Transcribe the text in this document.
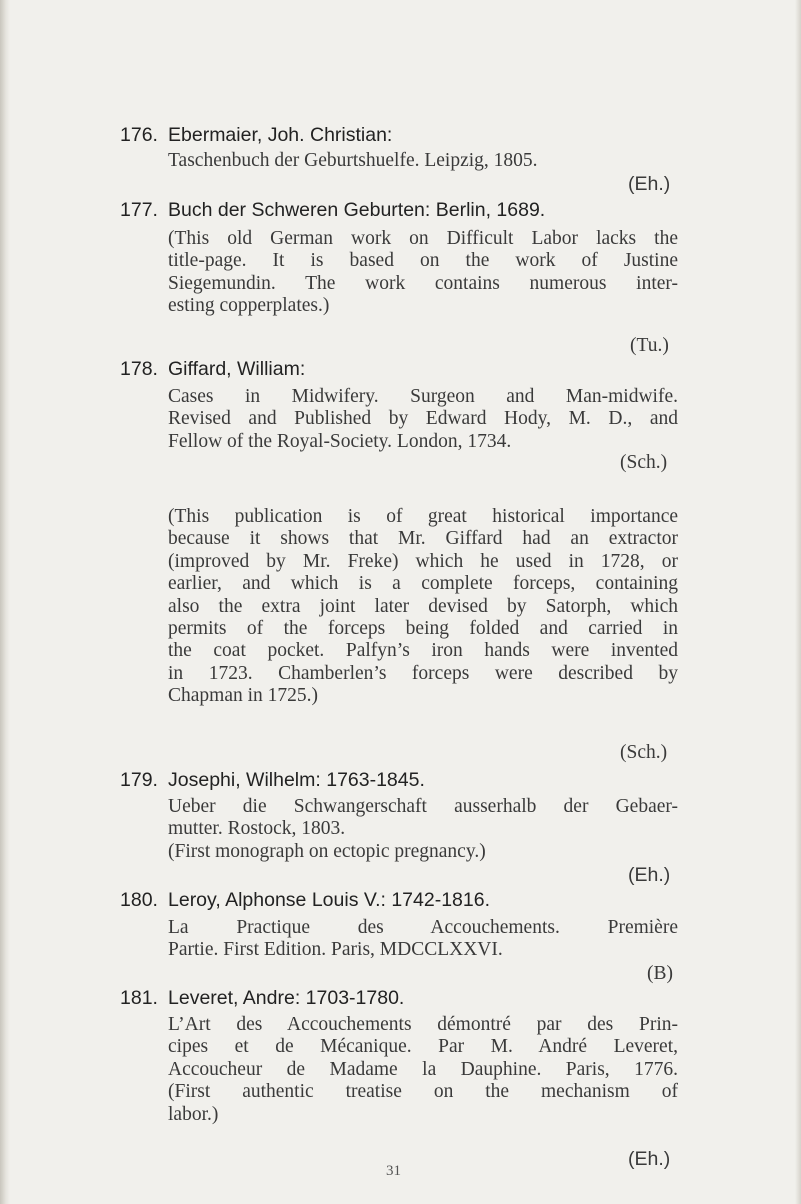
176. Ebermaier, Joh. Christian:
Taschenbuch der Geburtshuelfe. Leipzig, 1805.
(Eh.)
177. Buch der Schweren Geburten: Berlin, 1689.
(This old German work on Difficult Labor lacks the
title-page. It is based on the work of Justine
Siegemundin. The work contains numerous inter-
esting copperplates.)
(Tu.)
178. Giffard, William:
Cases in Midwifery. Surgeon and Man-midwife.
Revised and Published by Edward Hody, M. D., and
Fellow of the Royal-Society. London, 1734.
(Sch.)
(This publication is of great historical importance
because it shows that Mr. Giffard had an extractor
(improved by Mr. Freke) which he used in 1728, or
earlier, and which is a complete forceps, containing
also the extra joint later devised by Satorph, which
permits of the forceps being folded and carried in
the coat pocket. Palfyn’s iron hands were invented
in 1723. Chamberlen’s forceps were described by
Chapman in 1725.)
(Sch.)
179. Josephi, Wilhelm: 1763-1845.
Ueber die Schwangerschaft ausserhalb der Gebaer-
mutter. Rostock, 1803.
(First monograph on ectopic pregnancy.)
(Eh.)
180. Leroy, Alphonse Louis V.: 1742-1816.
La Practique des Accouchements. Première
Partie. First Edition. Paris, MDCCLXXVI.
(B)
181. Leveret, Andre: 1703-1780.
L’Art des Accouchements démontré par des Prin-
cipes et de Mécanique. Par M. André Leveret,
Accoucheur de Madame la Dauphine. Paris, 1776.
(First authentic treatise on the mechanism of
labor.)
(Eh.)
31
